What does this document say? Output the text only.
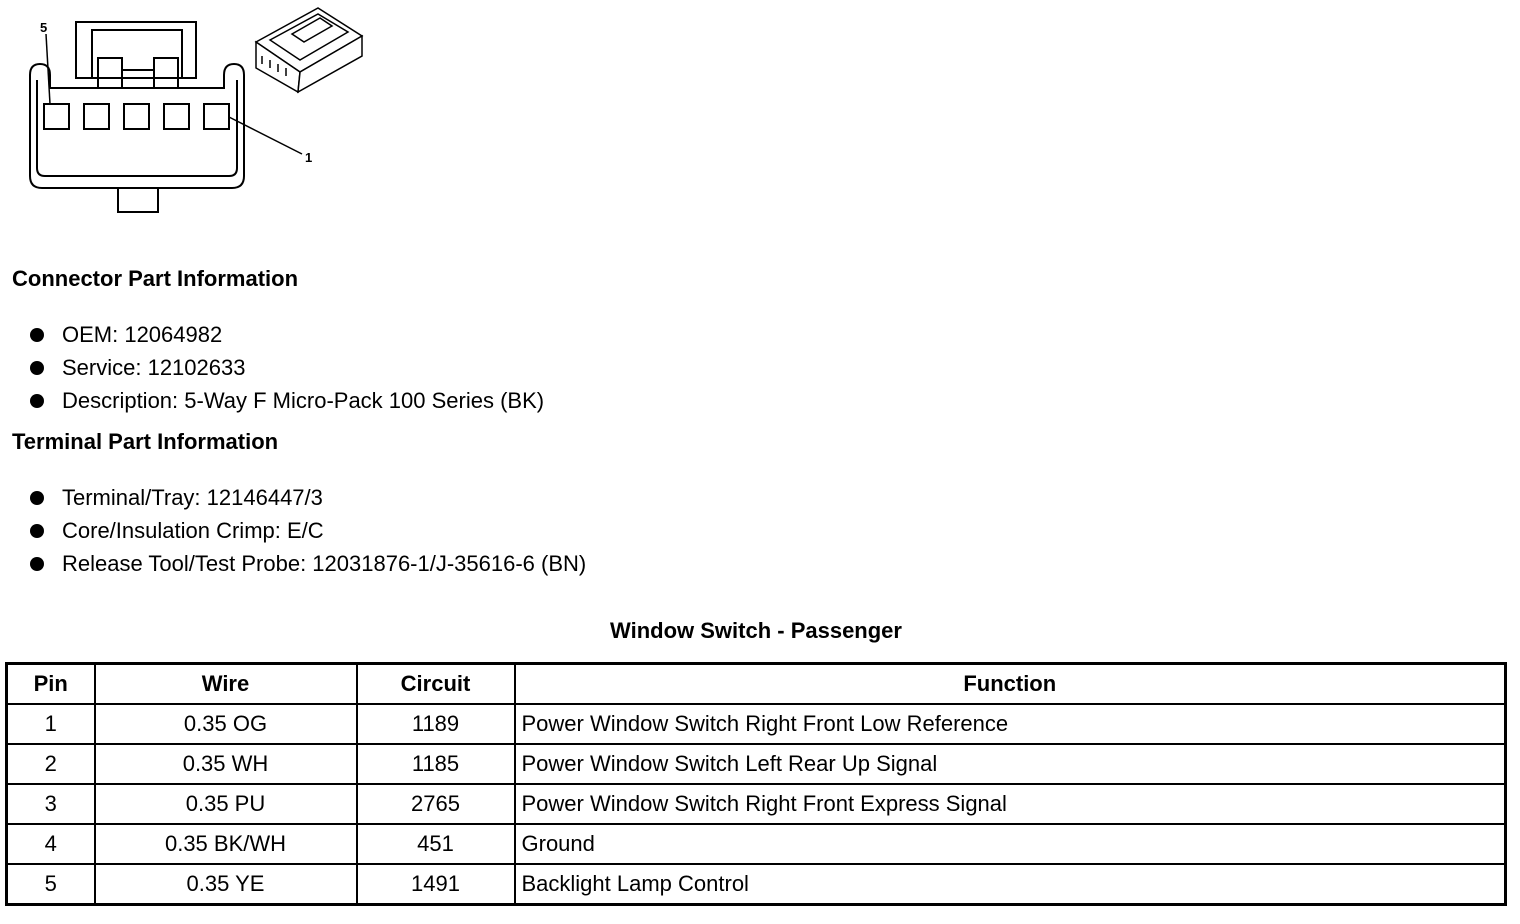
5
1
Connector Part Information
OEM: 12064982
Service: 12102633
Description: 5-Way F Micro-Pack 100 Series (BK)
Terminal Part Information
Terminal/Tray: 12146447/3
Core/Insulation Crimp: E/C
Release Tool/Test Probe: 12031876-1/J-35616-6 (BN)
Window Switch - Passenger
Pin	Wire	Circuit	Function
1	0.35 OG	1189	Power Window Switch Right Front Low Reference
2	0.35 WH	1185	Power Window Switch Left Rear Up Signal
3	0.35 PU	2765	Power Window Switch Right Front Express Signal
4	0.35 BK/WH	451	Ground
5	0.35 YE	1491	Backlight Lamp Control
